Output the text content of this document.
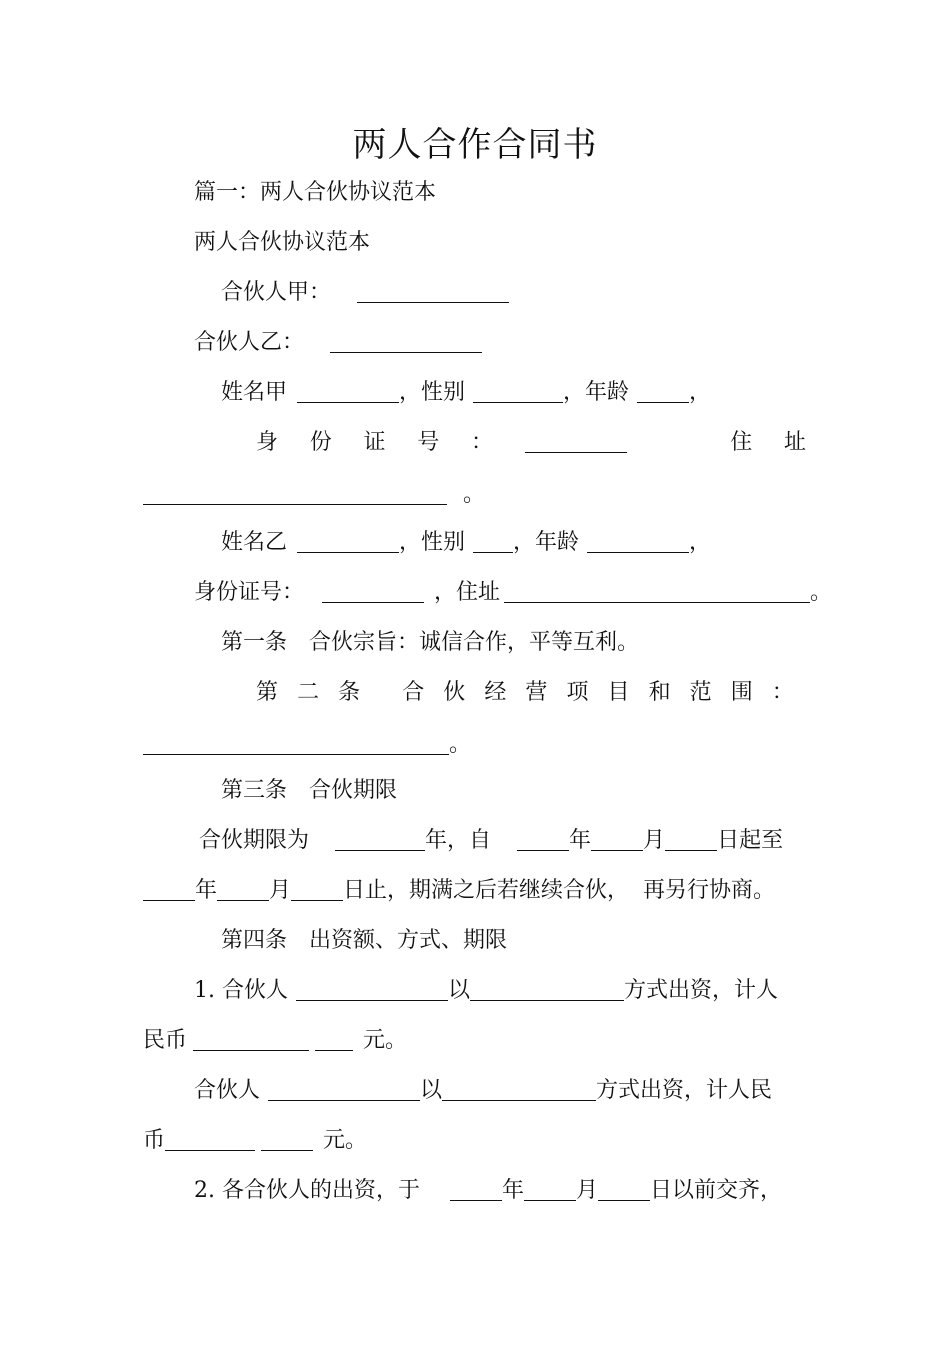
两人合作合同书
篇一：两人合伙协议范本
两人合伙协议范本
合伙人甲：
合伙人乙：
姓名甲	，性别	，年龄	，
身 份 证 号 ：	住 址
。
姓名乙	，性别 ，年龄	，
身份证号：	，住址	。
第一条 合伙宗旨：诚信合作，平等互利。
第 二 条 合 伙 经 营 项 目 和 范 围 ：
。
第三条 合伙期限
合伙期限为	年，自	年 月 日起至
年 月 日止，期满之后若继续合伙， 再另行协商。
第四条 出资额、方式、期限
1. 合伙人	以	方式出资，计人
民币	元。
合伙人	以	方式出资，计人民
币	元。
2. 各合伙人的出资，于	年 月 日以前交齐，
